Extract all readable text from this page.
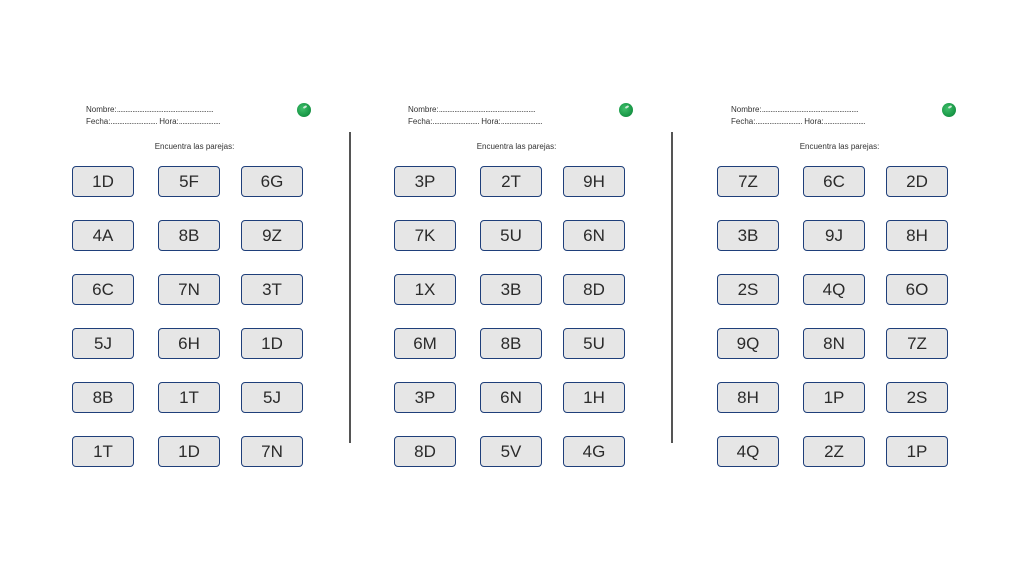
Nombre:........................................................
Fecha:........................... Hora:........................
Encuentra las parejas:
1D	5F	6G
4A	8B	9Z
6C	7N	3T
5J	6H	1D
8B	1T	5J
1T	1D	7N
Nombre:........................................................
Fecha:........................... Hora:........................
Encuentra las parejas:
3P	2T	9H
7K	5U	6N
1X	3B	8D
6M	8B	5U
3P	6N	1H
8D	5V	4G
Nombre:........................................................
Fecha:........................... Hora:........................
Encuentra las parejas:
7Z	6C	2D
3B	9J	8H
2S	4Q	6O
9Q	8N	7Z
8H	1P	2S
4Q	2Z	1P
